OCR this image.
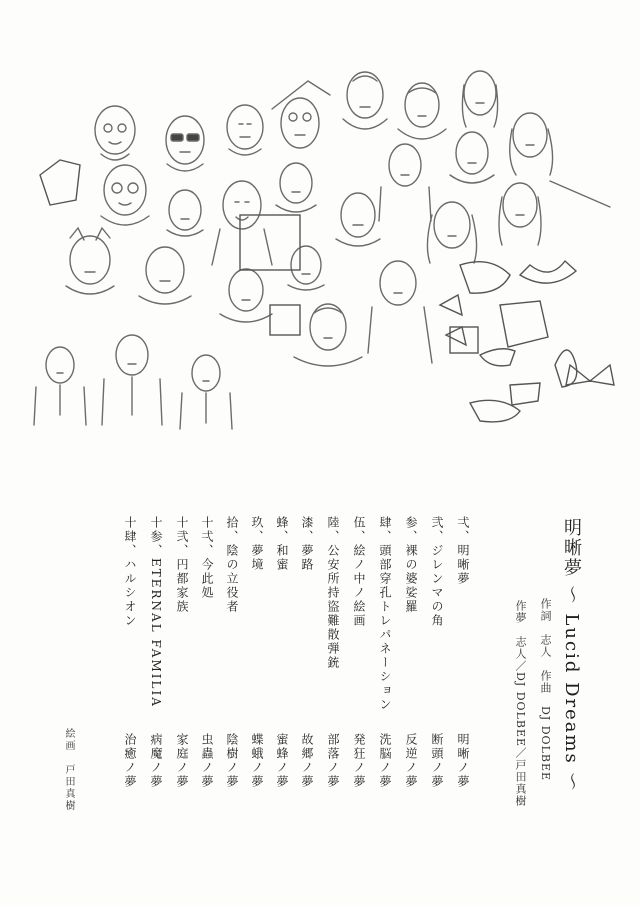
明晰夢 〜 Lucid Dreams 〜
作詞　志人　作曲　DJ DOLBEE
作夢　志人／DJ DOLBEE／戸田真樹
弌、明晰夢
弐、ジレンマの角
参、裸の婆娑羅
肆、頭部穿孔トレパネーション
伍、絵ノ中ノ絵画
陸、公安所持盜難散弾銃
漆、夢路
蜂、和蜜
玖、夢境
拾、陰の立役者
十弌、今此処
十弐、円都家族
十参、ETERNAL FAMILIA
十肆、ハルシオン
明晰ノ夢
断頭ノ夢
反逆ノ夢
洗脳ノ夢
発狂ノ夢
部落ノ夢
故郷ノ夢
蜜蜂ノ夢
蝶蛾ノ夢
陰樹ノ夢
虫蟲ノ夢
家庭ノ夢
病魔ノ夢
治癒ノ夢
絵画　戸田真樹
